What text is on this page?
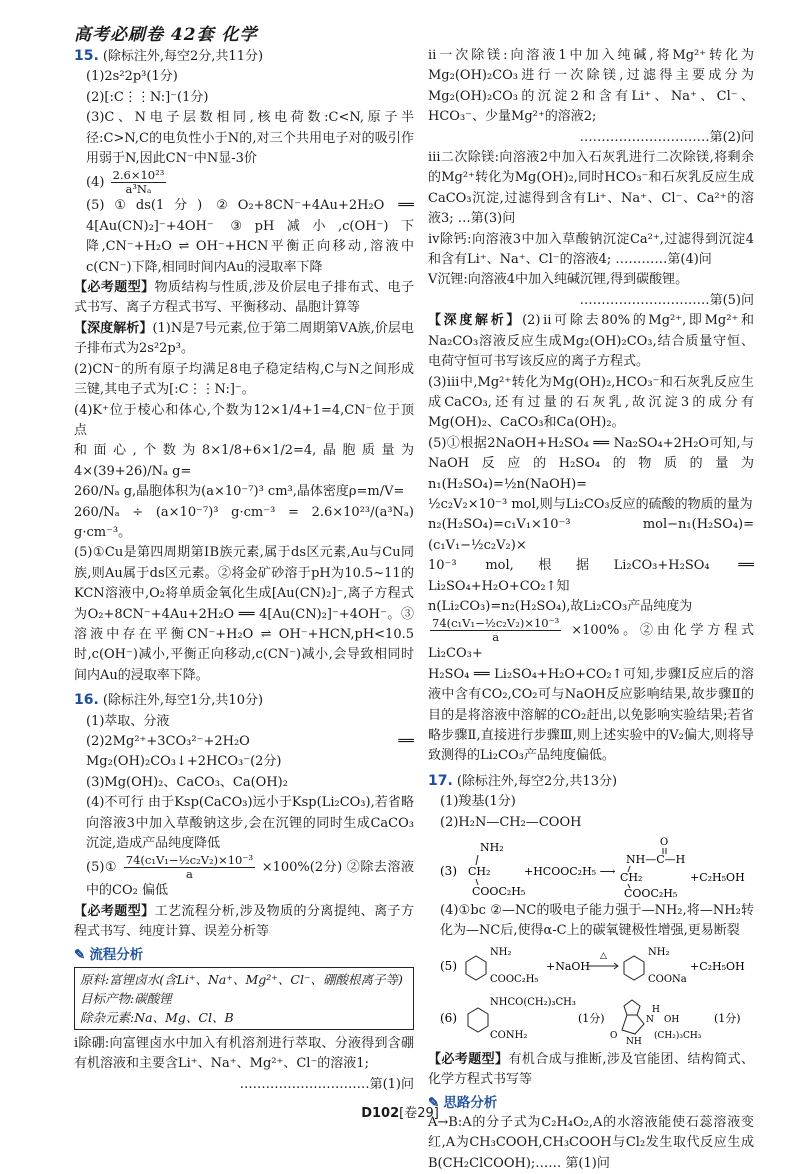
高考必刷卷 42套 化学
15. (除标注外,每空2分,共11分)

(1)2s²2p³(1分)

(2)[:C⋮⋮N:]⁻(1分)

(3)C、N电子层数相同,核电荷数:C<N,原子半径:C>N,C的电负性小于N的,对三个共用电子对的吸引作用弱于N,因此CN⁻中N显-3价

$(4) \frac{\text{2.6×10²³}}{\text{a³Nₐ}}$

(5)①ds(1分) ②O₂+8CN⁻+4Au+2H₂O ══ 4[Au(CN)₂]⁻+4OH⁻ ③pH减小,c(OH⁻)下降,CN⁻+H₂O ⇌ OH⁻+HCN平衡正向移动,溶液中c(CN⁻)下降,相同时间内Au的浸取率下降

【必考题型】物质结构与性质,涉及价层电子排布式、电子式书写、离子方程式书写、平衡移动、晶胞计算等

【深度解析】(1)N是7号元素,位于第二周期第ⅤA族,价层电子排布式为2s²2p³。

(2)CN⁻的所有原子均满足8电子稳定结构,C与N之间形成三键,其电子式为[:C⋮⋮N:]⁻。

(4)K⁺位于棱心和体心,个数为12×1/4+1=4,CN⁻位于顶点

和面心,个数为8×1/8+6×1/2=4,晶胞质量为4×(39+26)/Nₐ g=

260/Nₐ g,晶胞体积为(a×10⁻⁷)³ cm³,晶体密度ρ=m/V=

260/Nₐ ÷ (a×10⁻⁷)³ g·cm⁻³ = 2.6×10²³/(a³Nₐ) g·cm⁻³。

(5)①Cu是第四周期第ⅠB族元素,属于ds区元素,Au与Cu同族,则Au属于ds区元素。②将金矿砂溶于pH为10.5~11的KCN溶液中,O₂将单质金氧化生成[Au(CN)₂]⁻,离子方程式为O₂+8CN⁻+4Au+2H₂O ══ 4[Au(CN)₂]⁻+4OH⁻。③溶液中存在平衡CN⁻+H₂O ⇌ OH⁻+HCN,pH<10.5时,c(OH⁻)减小,平衡正向移动,c(CN⁻)减小,会导致相同时间内Au的浸取率下降。

16. (除标注外,每空1分,共10分)

(1)萃取、分液

(2)2Mg²⁺+3CO₃²⁻+2H₂O ══ Mg₂(OH)₂CO₃↓+2HCO₃⁻(2分)

(3)Mg(OH)₂、CaCO₃、Ca(OH)₂

(4)不可行 由于Ksp(CaCO₃)远小于Ksp(Li₂CO₃),若省略向溶液3中加入草酸钠这步,会在沉锂的同时生成CaCO₃沉淀,造成产品纯度降低

(5)① $\frac{\text{74(c₁V₁−½c₂V₂)×10⁻³}}{a} \times 100\%(2$分) ②除去溶液中的CO₂ 偏低

【必考题型】工艺流程分析,涉及物质的分离提纯、离子方程式书写、纯度计算、误差分析等

✎ 流程分析
原料:富锂卤水(含Li⁺、Na⁺、Mg²⁺、Cl⁻、硼酸根离子等)
目标产物:碳酸锂
除杂元素:Na、Mg、Cl、B

ⅰ除硼:向富锂卤水中加入有机溶剂进行萃取、分液得到含硼有机溶液和主要含Li⁺、Na⁺、Mg²⁺、Cl⁻的溶液1;

…………………………第(1)问

ⅱ一次除镁:向溶液1中加入纯碱,将Mg²⁺转化为Mg₂(OH)₂CO₃进行一次除镁,过滤得主要成分为Mg₂(OH)₂CO₃的沉淀2和含有Li⁺、Na⁺、Cl⁻、HCO₃⁻、少量Mg²⁺的溶液2;

…………………………第(2)问

ⅲ二次除镁:向溶液2中加入石灰乳进行二次除镁,将剩余的Mg²⁺转化为Mg(OH)₂,同时HCO₃⁻和石灰乳反应生成CaCO₃沉淀,过滤得到含有Li⁺、Na⁺、Cl⁻、Ca²⁺的溶液3; …第(3)问

ⅳ除钙:向溶液3中加入草酸钠沉淀Ca²⁺,过滤得到沉淀4和含有Li⁺、Na⁺、Cl⁻的溶液4; …………第(4)问

Ⅴ沉锂:向溶液4中加入纯碱沉锂,得到碳酸锂。

…………………………第(5)问

【深度解析】(2)ⅱ可除去80%的Mg²⁺,即Mg²⁺和Na₂CO₃溶液反应生成Mg₂(OH)₂CO₃,结合质量守恒、电荷守恒可书写该反应的离子方程式。

(3)ⅲ中,Mg²⁺转化为Mg(OH)₂,HCO₃⁻和石灰乳反应生成CaCO₃,还有过量的石灰乳,故沉淀3的成分有Mg(OH)₂、CaCO₃和Ca(OH)₂。

(5)①根据2NaOH+H₂SO₄ ══ Na₂SO₄+2H₂O可知,与NaOH反应的H₂SO₄的物质的量为n₁(H₂SO₄)=½n(NaOH)=

½c₂V₂×10⁻³ mol,则与Li₂CO₃反应的硫酸的物质的量为

n₂(H₂SO₄)=c₁V₁×10⁻³ mol−n₁(H₂SO₄)=(c₁V₁−½c₂V₂)×

10⁻³ mol,根据Li₂CO₃+H₂SO₄ ══ Li₂SO₄+H₂O+CO₂↑知

n(Li₂CO₃)=n₂(H₂SO₄),故Li₂CO₃产品纯度为

$\frac{\text{74(c₁V₁−½c₂V₂)×10⁻³}}{a} \times 100\%$。②由化学方程式Li₂CO₃+

H₂SO₄ ══ Li₂SO₄+H₂O+CO₂↑可知,步骤Ⅰ反应后的溶液中含有CO₂,CO₂可与NaOH反应影响结果,故步骤Ⅱ的目的是将溶液中溶解的CO₂赶出,以免影响实验结果;若省略步骤Ⅱ,直接进行步骤Ⅲ,则上述实验中的V₂偏大,则将导致测得的Li₂CO₃产品纯度偏低。

17. (除标注外,每空2分,共13分)

(1)羧基(1分)

(2)H₂N—CH₂—COOH

(3)
NH₂
CH₂
COOC₂H₅
+HCOOC₂H₅ ⟶
O
NH—C—H
CH₂
COOC₂H₅
+C₂H₅OH

(4)①bc ②—NC的吸电子能力强于—NH₂,将—NH₂转化为—NC后,使得α-C上的碳氧键极性增强,更易断裂

(5)
NH₂
COOC₂H₅
+NaOH
△	NH₂
COONa
+C₂H₅OH
(6)
NHCO(CH₂)₃CH₃
CONH₂
(1分)
H
N OH
NH
O	(CH₂)₃CH₃
(1分)

【必考题型】有机合成与推断,涉及官能团、结构简式、化学方程式书写等

✎ 思路分析

A→B:A的分子式为C₂H₄O₂,A的水溶液能使石蕊溶液变红,A为CH₃COOH,CH₃COOH与Cl₂发生取代反应生成B(CH₂ClCOOH);…… 第(1)问

D102[卷29]
